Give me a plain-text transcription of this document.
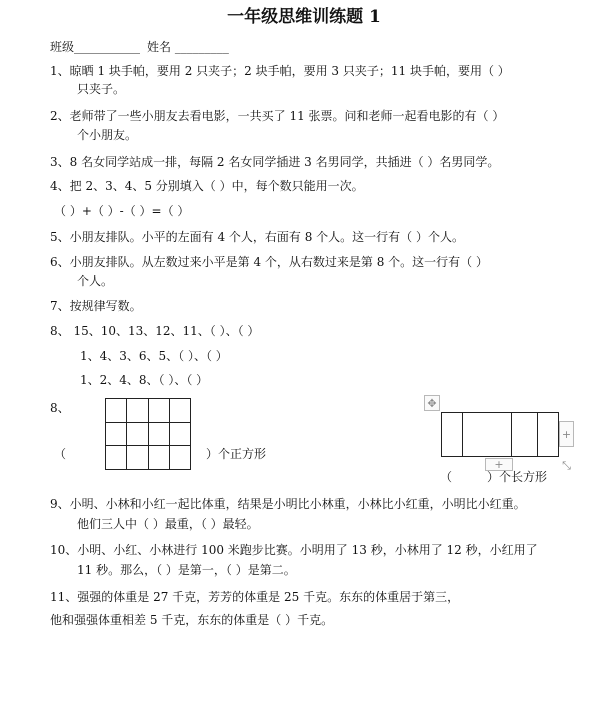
一年级思维训练题 1
班级___________ 姓名 _________
1、晾晒 1 块手帕，要用 2 只夹子；2 块手帕，要用 3 只夹子；11 块手帕，要用（ ）
只夹子。
2、老师带了一些小朋友去看电影，一共买了 11 张票。问和老师一起看电影的有（ ）
个小朋友。
3、8 名女同学站成一排，每隔 2 名女同学插进 3 名男同学，共插进（ ）名男同学。
4、把 2、3、4、5 分别填入（ ）中，每个数只能用一次。
（ ）+（ ）-（ ）=（ ）
5、小朋友排队。小平的左面有 4 个人，右面有 8 个人。这一行有（ ）个人。
6、小朋友排队。从左数过来小平是第 4 个，从右数过来是第 8 个。这一行有（ ）
个人。
7、按规律写数。
8、 15、10、13、12、11、（ ）、（ ）
1、4、3、6、5、（ ）、（ ）
1、2、4、8、（ ）、（ ）
8、

（	）个正方形
✥
+
+	⤡
（	）个长方形
9、小明、小林和小红一起比体重，结果是小明比小林重，小林比小红重，小明比小红重。
他们三人中（ ）最重，（ ）最轻。
10、小明、小红、小林进行 100 米跑步比赛。小明用了 13 秒，小林用了 12 秒，小红用了
11 秒。那么，（ ）是第一，（ ）是第二。
11、强强的体重是 27 千克，芳芳的体重是 25 千克。东东的体重居于第三，
他和强强体重相差 5 千克，东东的体重是（ ）千克。
